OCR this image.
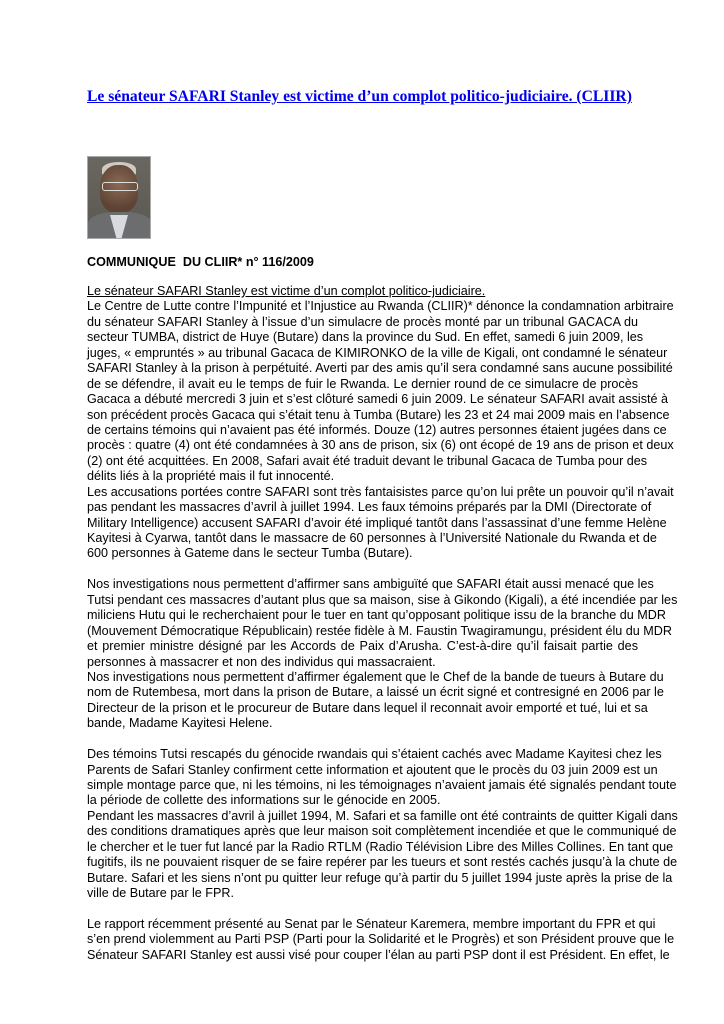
Le sénateur SAFARI Stanley est victime d’un complot politico-judiciaire. (CLIIR)
COMMUNIQUE  DU CLIIR* n° 116/2009
Le sénateur SAFARI Stanley est victime d’un complot politico-judiciaire.
Le Centre de Lutte contre l’Impunité et l’Injustice au Rwanda (CLIIR)* dénonce la condamnation arbitraire
du sénateur SAFARI Stanley à l’issue d’un simulacre de procès monté par un tribunal GACACA du
secteur TUMBA, district de Huye (Butare) dans la province du Sud. En effet, samedi 6 juin 2009, les
juges, « empruntés » au tribunal Gacaca de KIMIRONKO de la ville de Kigali, ont condamné le sénateur
SAFARI Stanley à la prison à perpétuité. Averti par des amis qu’il sera condamné sans aucune possibilité
de se défendre, il avait eu le temps de fuir le Rwanda. Le dernier round de ce simulacre de procès
Gacaca a débuté mercredi 3 juin et s’est clôturé samedi 6 juin 2009. Le sénateur SAFARI avait assisté à
son précédent procès Gacaca qui s’était tenu à Tumba (Butare) les 23 et 24 mai 2009 mais en l’absence
de certains témoins qui n’avaient pas été informés. Douze (12) autres personnes étaient jugées dans ce
procès : quatre (4) ont été condamnées à 30 ans de prison, six (6) ont écopé de 19 ans de prison et deux
(2) ont été acquittées. En 2008, Safari avait été traduit devant le tribunal Gacaca de Tumba pour des
délits liés à la propriété mais il fut innocenté.
Les accusations portées contre SAFARI sont très fantaisistes parce qu’on lui prête un pouvoir qu’il n’avait
pas pendant les massacres d’avril à juillet 1994. Les faux témoins préparés par la DMI (Directorate of
Military Intelligence) accusent SAFARI d’avoir été impliqué tantôt dans l’assassinat d’une femme Helène
Kayitesi à Cyarwa, tantôt dans le massacre de 60 personnes à l’Université Nationale du Rwanda et de
600 personnes à Gateme dans le secteur Tumba (Butare).
Nos investigations nous permettent d’affirmer sans ambiguïté que SAFARI était aussi menacé que les
Tutsi pendant ces massacres d’autant plus que sa maison, sise à Gikondo (Kigali), a été incendiée par les
miliciens Hutu qui le recherchaient pour le tuer en tant qu’opposant politique issu de la branche du MDR
(Mouvement Démocratique Républicain) restée fidèle à M. Faustin Twagiramungu, président élu du MDR
et premier ministre désigné par les Accords de Paix d’Arusha. C’est-à-dire qu’il faisait partie des
personnes à massacrer et non des individus qui massacraient.
Nos investigations nous permettent d’affirmer également que le Chef de la bande de tueurs à Butare du
nom de Rutembesa, mort dans la prison de Butare, a laissé un écrit signé et contresigné en 2006 par le
Directeur de la prison et le procureur de Butare dans lequel il reconnait avoir emporté et tué, lui et sa
bande, Madame Kayitesi Helene.
Des témoins Tutsi rescapés du génocide rwandais qui s’étaient cachés avec Madame Kayitesi chez les
Parents de Safari Stanley confirment cette information et ajoutent que le procès du 03 juin 2009 est un
simple montage parce que, ni les témoins, ni les témoignages n’avaient jamais été signalés pendant toute
la période de collette des informations sur le génocide en 2005.
Pendant les massacres d’avril à juillet 1994, M. Safari et sa famille ont été contraints de quitter Kigali dans
des conditions dramatiques après que leur maison soit complètement incendiée et que le communiqué de
le chercher et le tuer fut lancé par la Radio RTLM (Radio Télévision Libre des Milles Collines. En tant que
fugitifs, ils ne pouvaient risquer de se faire repérer par les tueurs et sont restés cachés jusqu’à la chute de
Butare. Safari et les siens n’ont pu quitter leur refuge qu’à partir du 5 juillet 1994 juste après la prise de la
ville de Butare par le FPR.
Le rapport récemment présenté au Senat par le Sénateur Karemera, membre important du FPR et qui
s’en prend violemment au Parti PSP (Parti pour la Solidarité et le Progrès) et son Président prouve que le
Sénateur SAFARI Stanley est aussi visé pour couper l’élan au parti PSP dont il est Président. En effet, le
